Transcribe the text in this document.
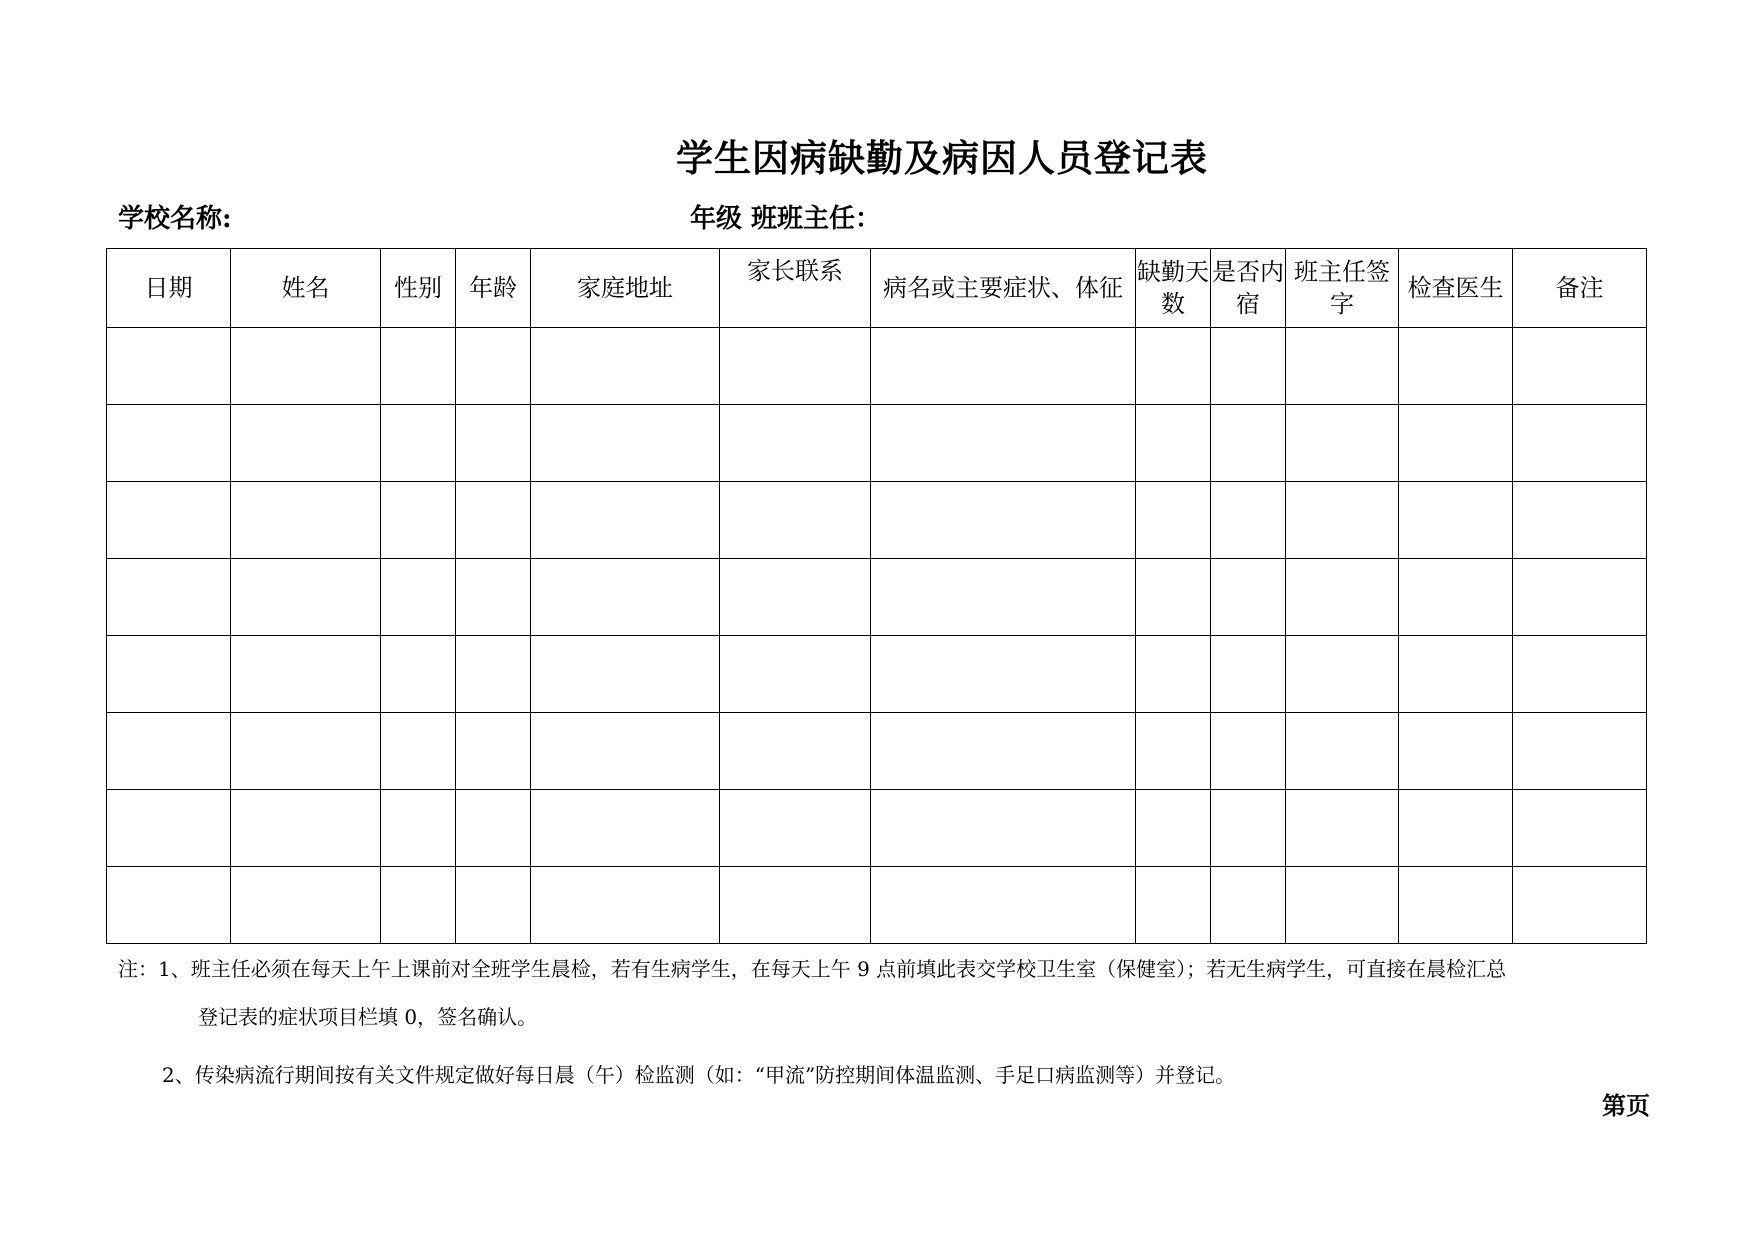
学生因病缺勤及病因人员登记表
学校名称:	年级 班班主任：
日期	姓名	性别	年龄	家庭地址	家长联系	病名或主要症状、体征	缺勤天数	是否内宿	班主任签字	检查医生	备注

注：1、班主任必须在每天上午上课前对全班学生晨检，若有生病学生，在每天上午 9 点前填此表交学校卫生室（保健室）；若无生病学生，可直接在晨检汇总

登记表的症状项目栏填 0，签名确认。

2、传染病流行期间按有关文件规定做好每日晨（午）检监测（如：“甲流”防控期间体温监测、手足口病监测等）并登记。

第页
